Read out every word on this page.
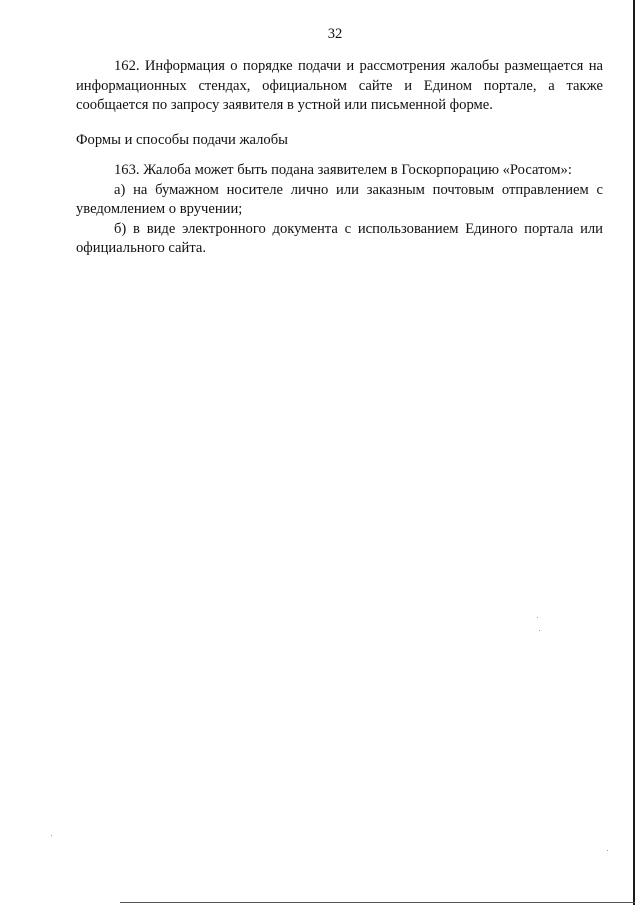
32

162. Информация о порядке подачи и рассмотрения жалобы размещается на информационных стендах, официальном сайте и Едином портале, а также сообщается по запросу заявителя в устной или письменной форме.

Формы и способы подачи жалобы

163. Жалоба может быть подана заявителем в Госкорпорацию «Росатом»:

а) на бумажном носителе лично или заказным почтовым отправлением с уведомлением о вручении;

б) в виде электронного документа с использованием Единого портала или официального сайта.
